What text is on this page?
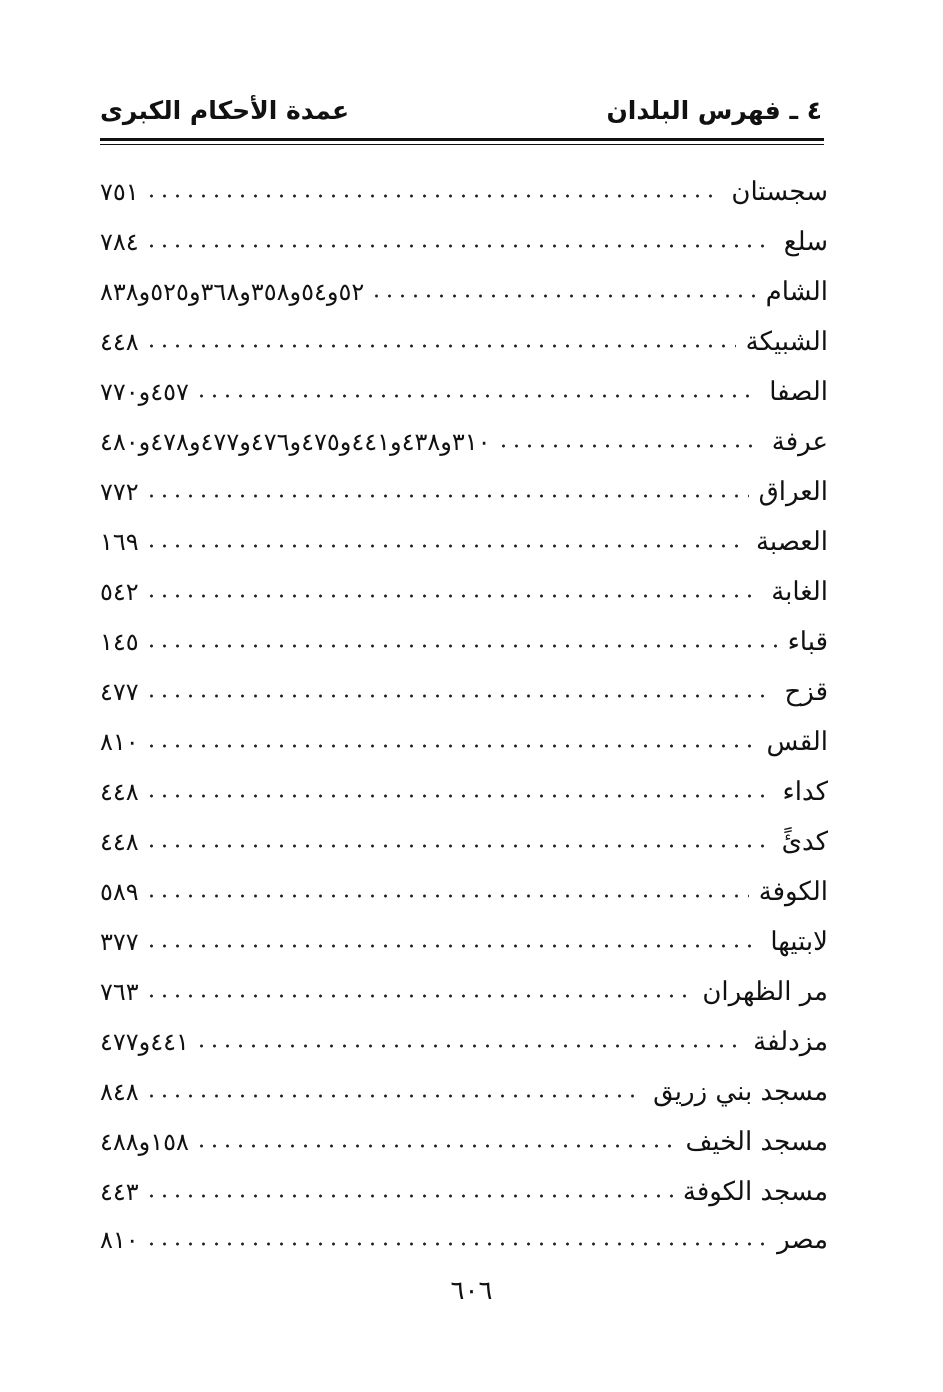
٤ ـ فهرس البلدان
عمدة الأحكام الكبرى
سجستان
٧٥١
سلع
٧٨٤
الشام
٥٢و٥٤و٣٥٨و٣٦٨و٥٢٥و٨٣٨
الشبيكة
٤٤٨
الصفا
٤٥٧و٧٧٠
عرفة
٣١٠و٤٣٨و٤٤١و٤٧٥و٤٧٦و٤٧٧و٤٧٨و٤٨٠
العراق
٧٧٢
العصبة
١٦٩
الغابة
٥٤٢
قباء
١٤٥
قزح
٤٧٧
القس
٨١٠
كداء
٤٤٨
كدئً
٤٤٨
الكوفة
٥٨٩
لابتيها
٣٧٧
مر الظهران
٧٦٣
مزدلفة
٤٤١و٤٧٧
مسجد بني زريق
٨٤٨
مسجد الخيف
١٥٨و٤٨٨
مسجد الكوفة
٤٤٣
مصر
٨١٠
٦٠٦
